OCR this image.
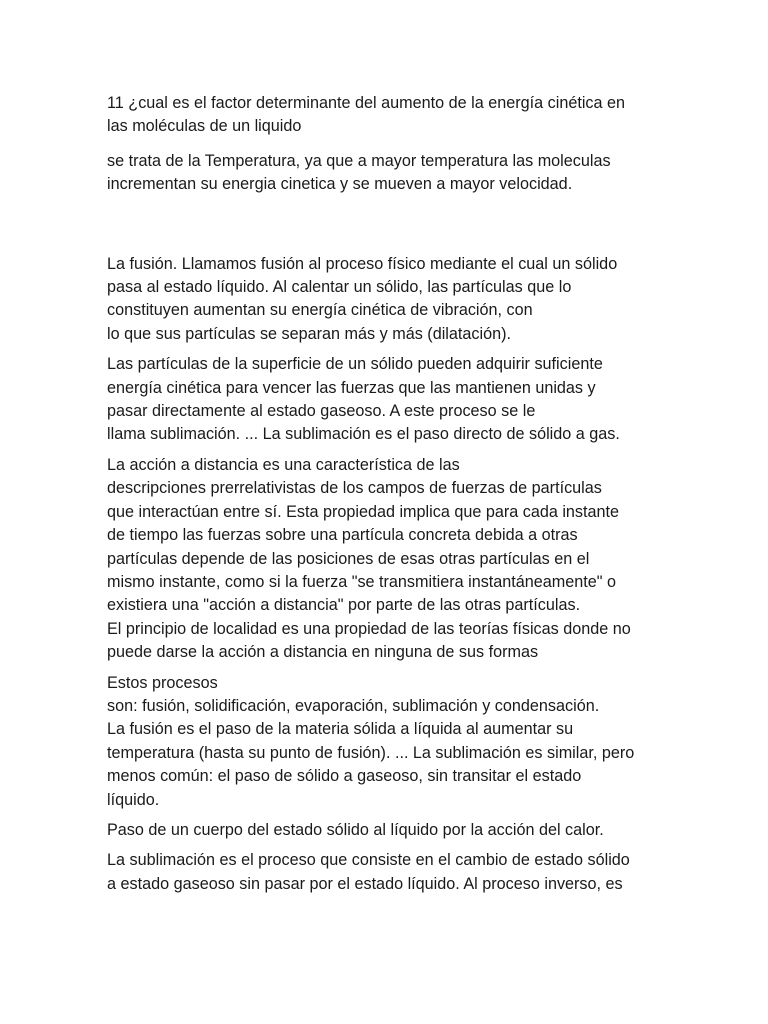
11 ¿cual es el factor determinante del aumento de la energía cinética en
las moléculas de un liquido

se trata de la Temperatura, ya que a mayor temperatura las moleculas
incrementan su energia cinetica y se mueven a mayor velocidad.

La fusión. Llamamos fusión al proceso físico mediante el cual un sólido
pasa al estado líquido. Al calentar un sólido, las partículas que lo
constituyen aumentan su energía cinética de vibración, con
lo que sus partículas se separan más y más (dilatación).

Las partículas de la superficie de un sólido pueden adquirir suficiente
energía cinética para vencer las fuerzas que las mantienen unidas y
pasar directamente al estado gaseoso. A este proceso se le
llama sublimación. ... La sublimación es el paso directo de sólido a gas.

La acción a distancia es una característica de las
descripciones prerrelativistas de los campos de fuerzas de partículas
que interactúan entre sí. Esta propiedad implica que para cada instante
de tiempo las fuerzas sobre una partícula concreta debida a otras
partículas depende de las posiciones de esas otras partículas en el
mismo instante, como si la fuerza "se transmitiera instantáneamente" o
existiera una "acción a distancia" por parte de las otras partículas.
El principio de localidad es una propiedad de las teorías físicas donde no
puede darse la acción a distancia en ninguna de sus formas

Estos procesos
son: fusión, solidificación, evaporación, sublimación y condensación.
La fusión es el paso de la materia sólida a líquida al aumentar su
temperatura (hasta su punto de fusión). ... La sublimación es similar, pero
menos común: el paso de sólido a gaseoso, sin transitar el estado
líquido.

Paso de un cuerpo del estado sólido al líquido por la acción del calor.

La sublimación es el proceso que consiste en el cambio de estado sólido
a estado gaseoso sin pasar por el estado líquido. Al proceso inverso, es
